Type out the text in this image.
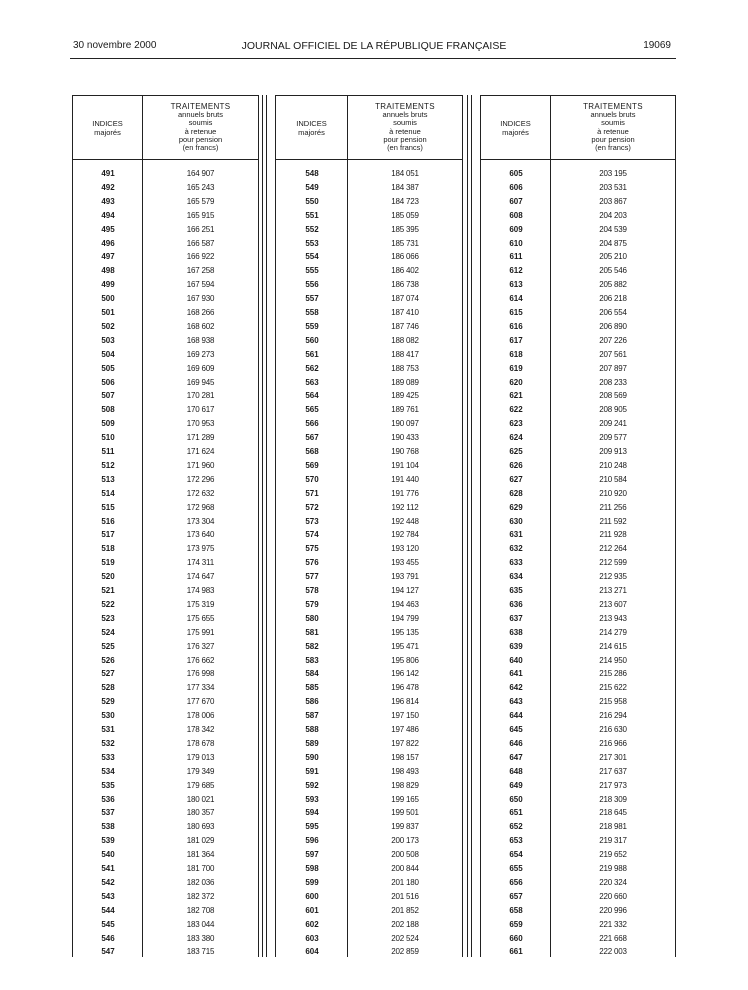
30 novembre 2000	JOURNAL OFFICIEL DE LA RÉPUBLIQUE FRANÇAISE	19069
INDICES
majorés
TRAITEMENTS
annuels bruts
soumis
à retenue
pour pension
(en francs)
491	164 907
492	165 243
493	165 579
494	165 915
495	166 251
496	166 587
497	166 922
498	167 258
499	167 594
500	167 930
501	168 266
502	168 602
503	168 938
504	169 273
505	169 609
506	169 945
507	170 281
508	170 617
509	170 953
510	171 289
511	171 624
512	171 960
513	172 296
514	172 632
515	172 968
516	173 304
517	173 640
518	173 975
519	174 311
520	174 647
521	174 983
522	175 319
523	175 655
524	175 991
525	176 327
526	176 662
527	176 998
528	177 334
529	177 670
530	178 006
531	178 342
532	178 678
533	179 013
534	179 349
535	179 685
536	180 021
537	180 357
538	180 693
539	181 029
540	181 364
541	181 700
542	182 036
543	182 372
544	182 708
545	183 044
546	183 380
547	183 715
INDICES
majorés
TRAITEMENTS
annuels bruts
soumis
à retenue
pour pension
(en francs)
548	184 051
549	184 387
550	184 723
551	185 059
552	185 395
553	185 731
554	186 066
555	186 402
556	186 738
557	187 074
558	187 410
559	187 746
560	188 082
561	188 417
562	188 753
563	189 089
564	189 425
565	189 761
566	190 097
567	190 433
568	190 768
569	191 104
570	191 440
571	191 776
572	192 112
573	192 448
574	192 784
575	193 120
576	193 455
577	193 791
578	194 127
579	194 463
580	194 799
581	195 135
582	195 471
583	195 806
584	196 142
585	196 478
586	196 814
587	197 150
588	197 486
589	197 822
590	198 157
591	198 493
592	198 829
593	199 165
594	199 501
595	199 837
596	200 173
597	200 508
598	200 844
599	201 180
600	201 516
601	201 852
602	202 188
603	202 524
604	202 859
INDICES
majorés
TRAITEMENTS
annuels bruts
soumis
à retenue
pour pension
(en francs)
605	203 195
606	203 531
607	203 867
608	204 203
609	204 539
610	204 875
611	205 210
612	205 546
613	205 882
614	206 218
615	206 554
616	206 890
617	207 226
618	207 561
619	207 897
620	208 233
621	208 569
622	208 905
623	209 241
624	209 577
625	209 913
626	210 248
627	210 584
628	210 920
629	211 256
630	211 592
631	211 928
632	212 264
633	212 599
634	212 935
635	213 271
636	213 607
637	213 943
638	214 279
639	214 615
640	214 950
641	215 286
642	215 622
643	215 958
644	216 294
645	216 630
646	216 966
647	217 301
648	217 637
649	217 973
650	218 309
651	218 645
652	218 981
653	219 317
654	219 652
655	219 988
656	220 324
657	220 660
658	220 996
659	221 332
660	221 668
661	222 003
